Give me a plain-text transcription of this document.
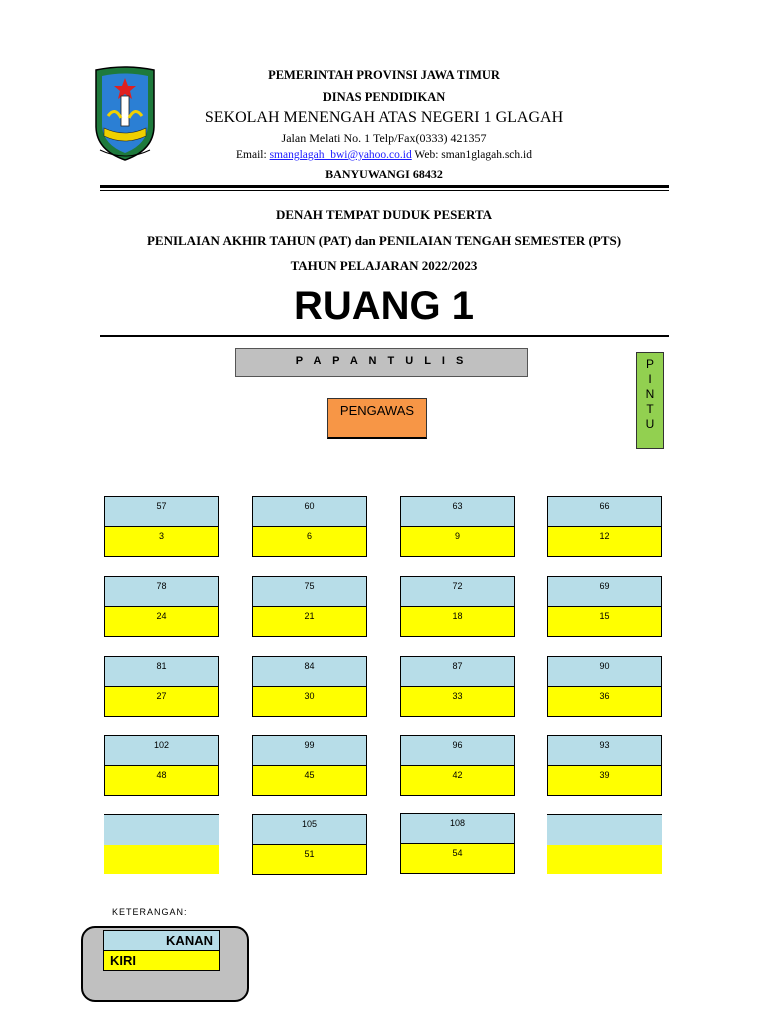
PEMERINTAH PROVINSI JAWA TIMUR
DINAS PENDIDIKAN
SEKOLAH MENENGAH ATAS NEGERI 1 GLAGAH
Jalan Melati No. 1 Telp/Fax(0333) 421357
Email: smanglagah_bwi@yahoo.co.id Web: sman1glagah.sch.id
BANYUWANGI 68432
DENAH TEMPAT DUDUK PESERTA
PENILAIAN AKHIR TAHUN (PAT) dan PENILAIAN TENGAH SEMESTER (PTS)
TAHUN PELAJARAN 2022/2023
RUANG 1
P A P A N T U L I S
PENGAWAS
P
I
N
T
U
57
3
60
6
63
9
66
12
78
24
75
21
72
18
69
15
81
27
84
30
87
33
90
36
102
48
99
45
96
42
93
39
105
51
108
54
KETERANGAN:
KANAN
KIRI
